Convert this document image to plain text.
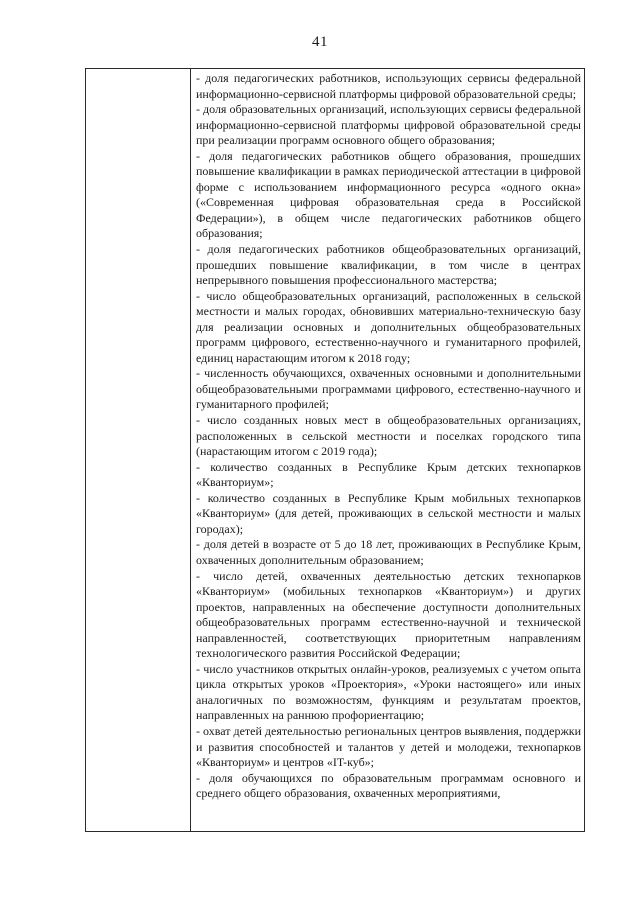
41

- доля педагогических работников, использующих сервисы федеральной информационно-сервисной платформы цифровой образовательной среды;

- доля образовательных организаций, использующих сервисы федеральной информационно-сервисной платформы цифровой образовательной среды при реализации программ основного общего образования;

- доля педагогических работников общего образования, прошедших повышение квалификации в рамках периодической аттестации в цифровой форме с использованием информационного ресурса «одного окна» («Современная цифровая образовательная среда в Российской Федерации»), в общем числе педагогических работников общего образования;

- доля педагогических работников общеобразовательных организаций, прошедших повышение квалификации, в том числе в центрах непрерывного повышения профессионального мастерства;

- число общеобразовательных организаций, расположенных в сельской местности и малых городах, обновивших материально-техническую базу для реализации основных и дополнительных общеобразовательных программ цифрового, естественно-научного и гуманитарного профилей, единиц нарастающим итогом к 2018 году;

- численность обучающихся, охваченных основными и дополнительными общеобразовательными программами цифрового, естественно-научного и гуманитарного профилей;

- число созданных новых мест в общеобразовательных организациях, расположенных в сельской местности и поселках городского типа (нарастающим итогом с 2019 года);

- количество созданных в Республике Крым детских технопарков «Кванториум»;

- количество созданных в Республике Крым мобильных технопарков «Кванториум» (для детей, проживающих в сельской местности и малых городах);

- доля детей в возрасте от 5 до 18 лет, проживающих в Республике Крым, охваченных дополнительным образованием;

- число детей, охваченных деятельностью детских технопарков «Кванториум» (мобильных технопарков «Кванториум») и других проектов, направленных на обеспечение доступности дополнительных общеобразовательных программ естественно-научной и технической направленностей, соответствующих приоритетным направлениям технологического развития Российской Федерации;

- число участников открытых онлайн-уроков, реализуемых с учетом опыта цикла открытых уроков «Проектория», «Уроки настоящего» или иных аналогичных по возможностям, функциям и результатам проектов, направленных на раннюю профориентацию;

- охват детей деятельностью региональных центров выявления, поддержки и развития способностей и талантов у детей и молодежи, технопарков «Кванториум» и центров «IT-куб»;

- доля обучающихся по образовательным программам основного и среднего общего образования, охваченных мероприятиями,
